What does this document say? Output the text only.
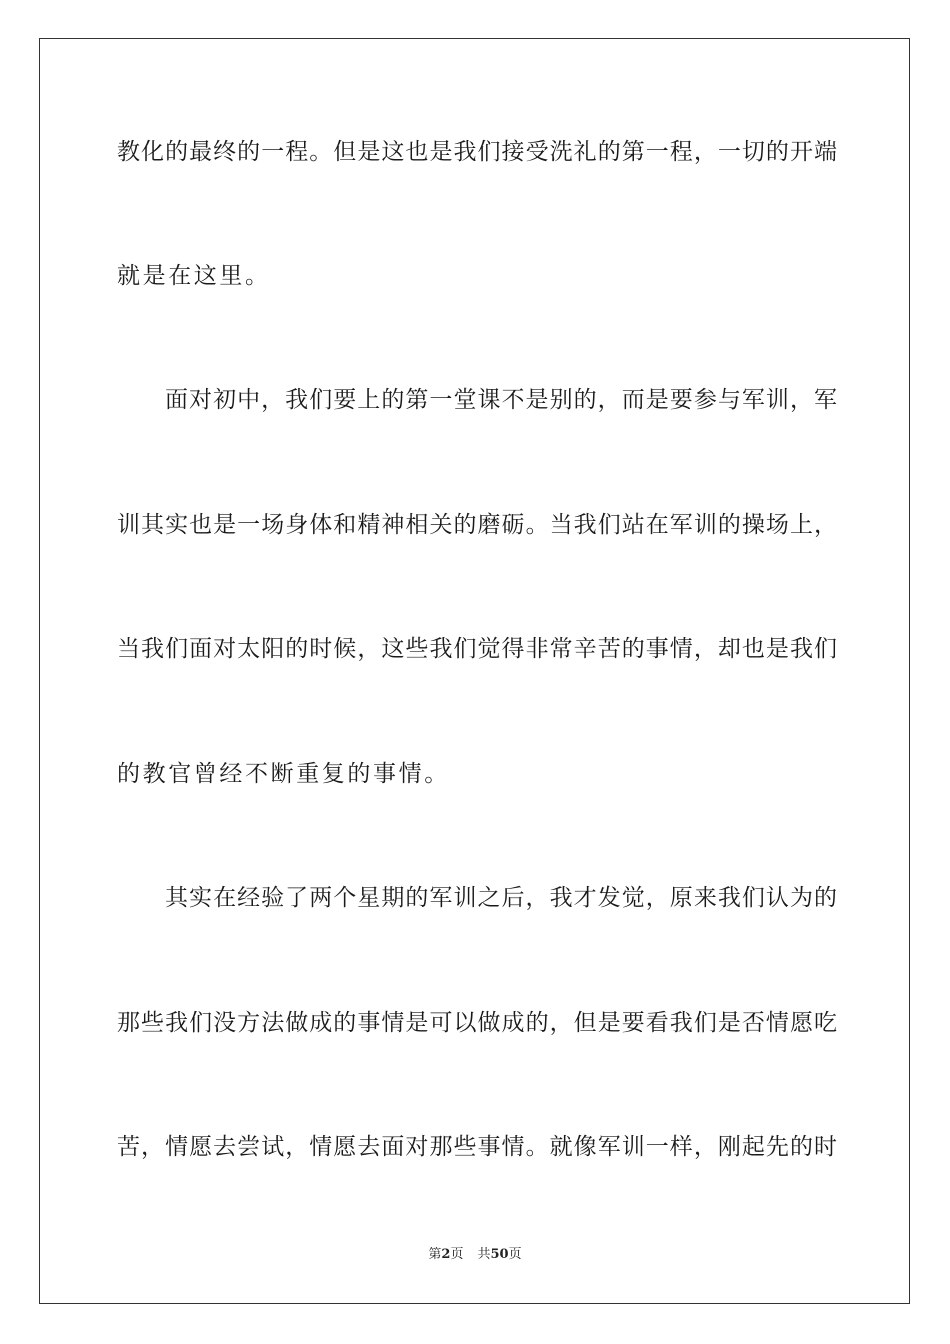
教化的最终的一程。但是这也是我们接受洗礼的第一程，一切的开端
就是在这里。
面对初中，我们要上的第一堂课不是别的，而是要参与军训，军
训其实也是一场身体和精神相关的磨砺。当我们站在军训的操场上，
当我们面对太阳的时候，这些我们觉得非常辛苦的事情，却也是我们
的教官曾经不断重复的事情。
其实在经验了两个星期的军训之后，我才发觉，原来我们认为的
那些我们没方法做成的事情是可以做成的，但是要看我们是否情愿吃
苦，情愿去尝试，情愿去面对那些事情。就像军训一样，刚起先的时
第2页 共50页
